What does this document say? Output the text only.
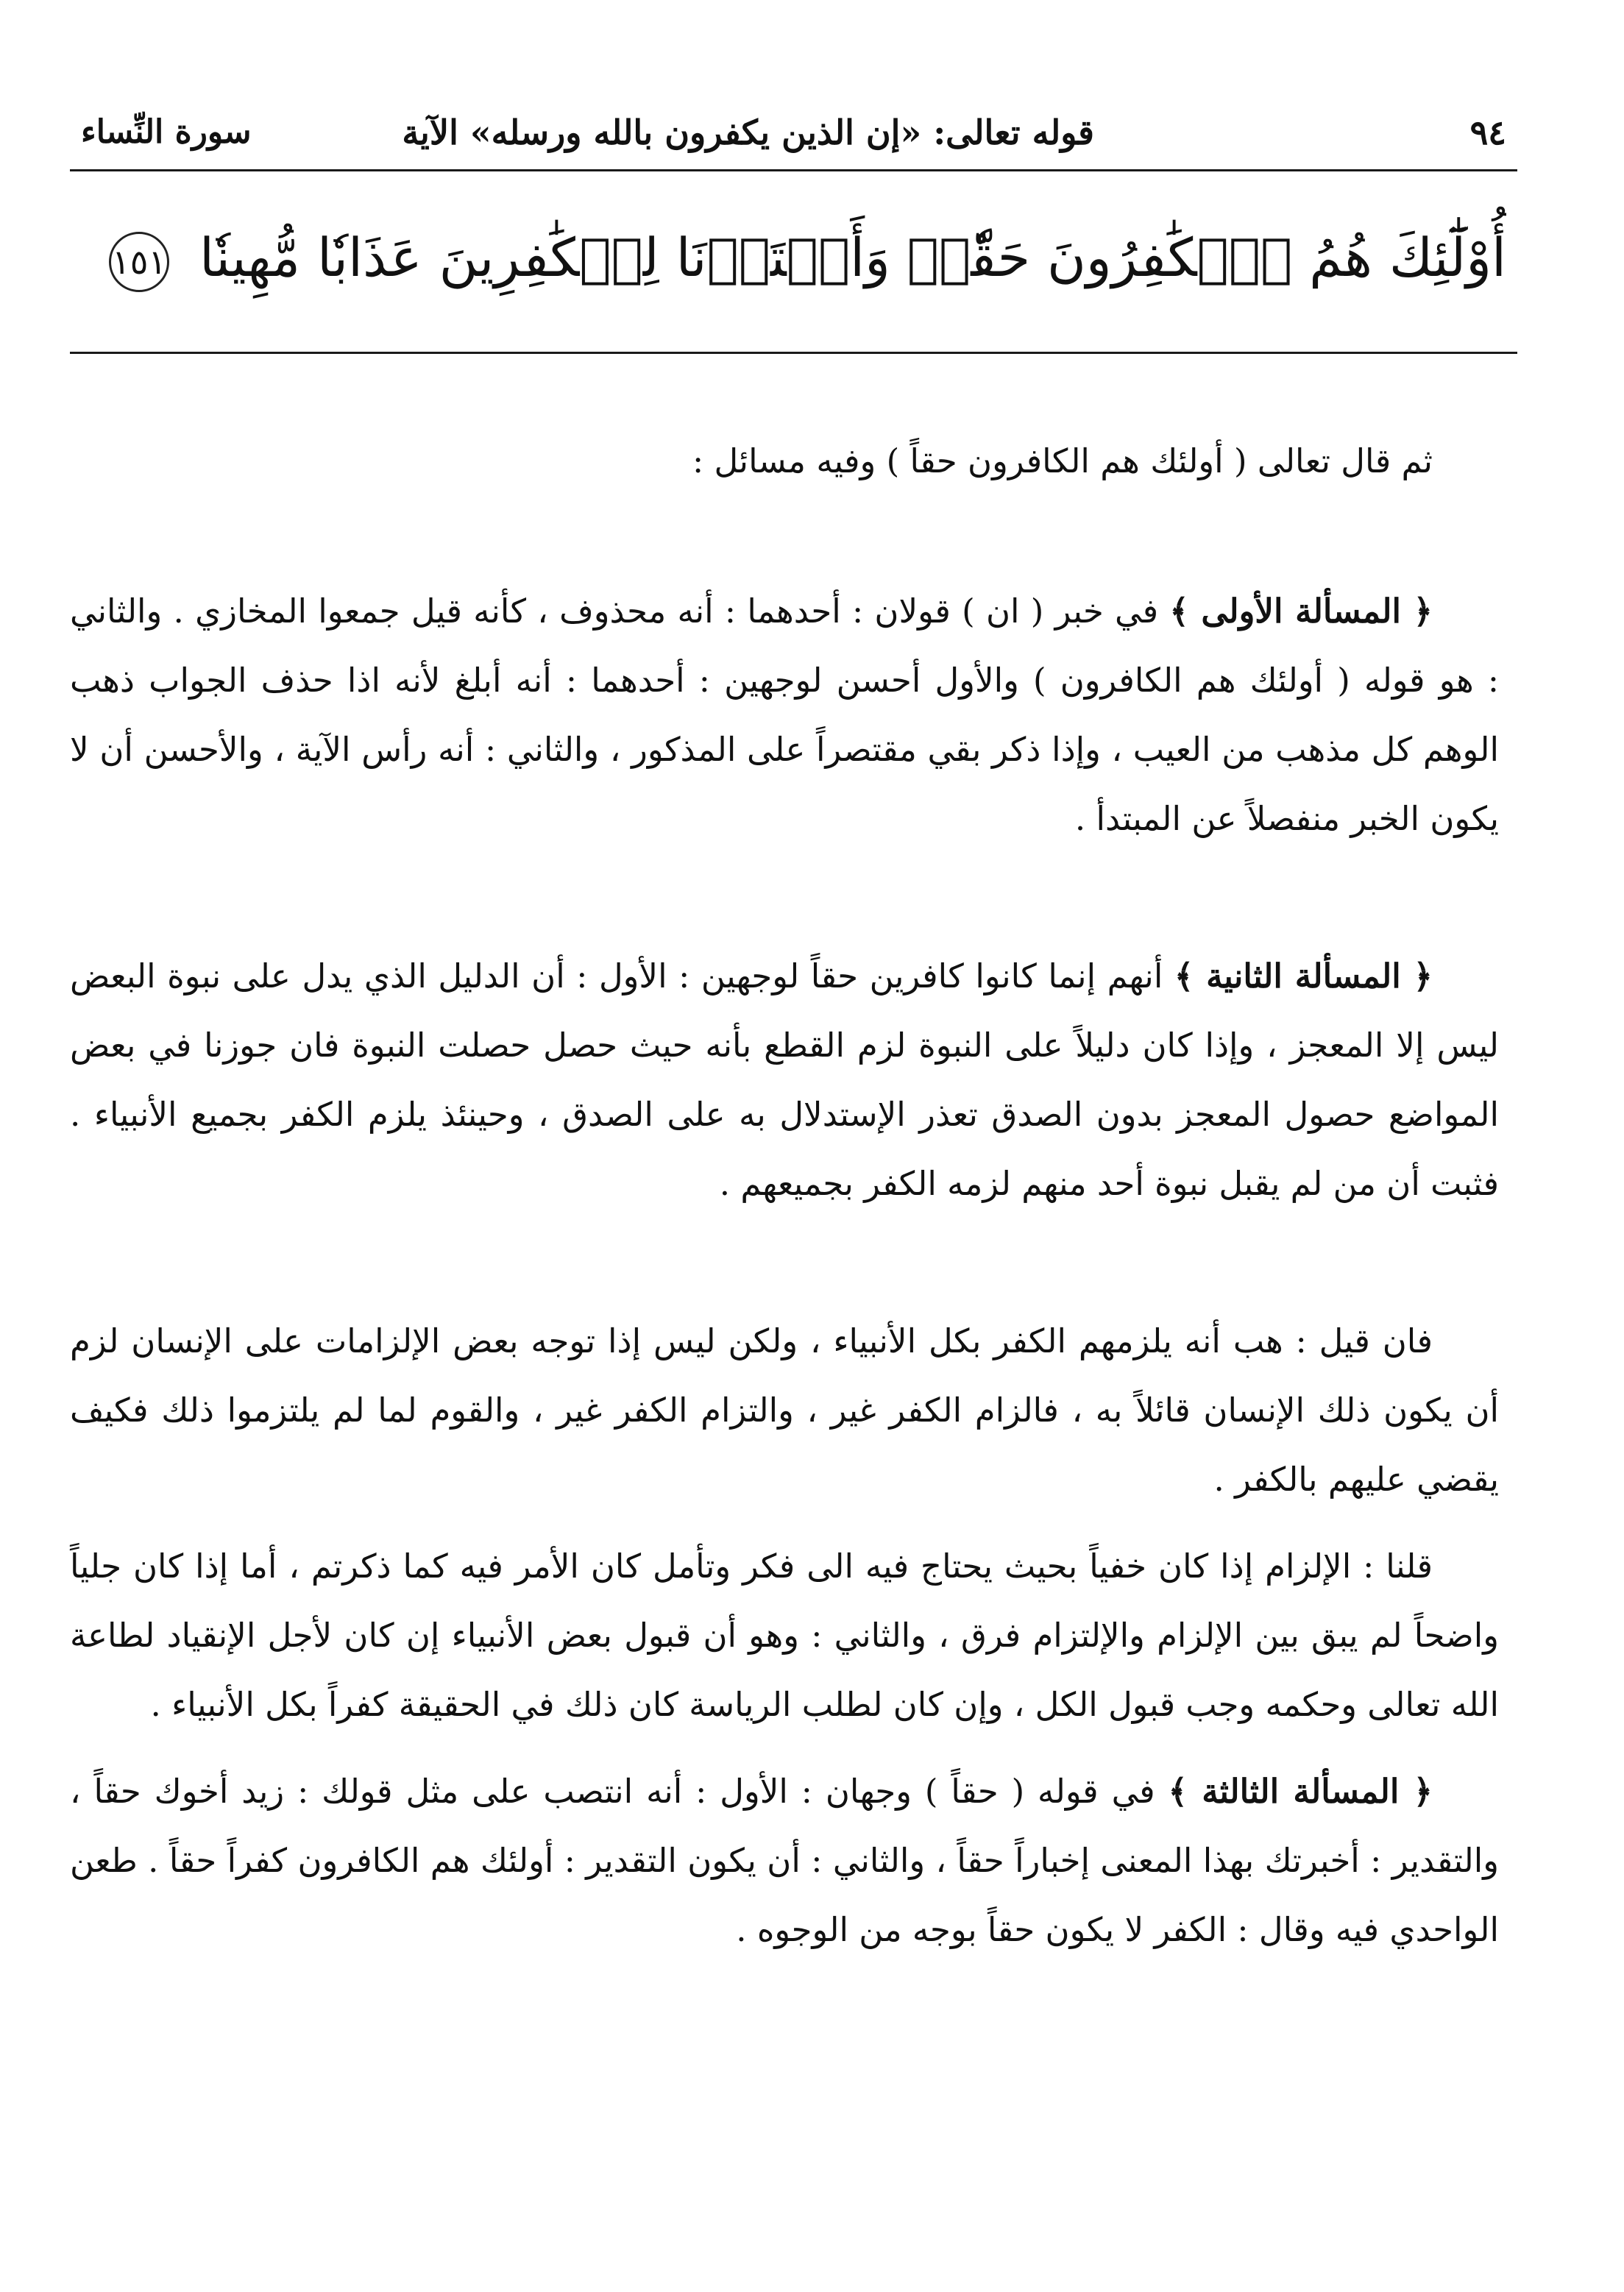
٩٤
قوله تعالى: «إن الذين يكفرون بالله ورسله» الآية
سورة النِّساء
أُوْلَٰٓئِكَ هُمُ ٱلۡكَٰفِرُونَ حَقّٗاۚ وَأَعۡتَدۡنَا لِلۡكَٰفِرِينَ عَذَابٗا مُّهِينٗا ١٥١

ثم قال تعالى ( أولئك هم الكافرون حقاً ) وفيه مسائل :

﴿ المسألة الأولى ﴾ في خبر ( ان ) قولان : أحدهما : أنه محذوف ، كأنه قيل جمعوا المخازي . والثاني : هو قوله ( أولئك هم الكافرون ) والأول أحسن لوجهين : أحدهما : أنه أبلغ لأنه اذا حذف الجواب ذهب الوهم كل مذهب من العيب ، وإذا ذكر بقي مقتصراً على المذكور ، والثاني : أنه رأس الآية ، والأحسن أن لا يكون الخبر منفصلاً عن المبتدأ .

﴿ المسألة الثانية ﴾ أنهم إنما كانوا كافرين حقاً لوجهين : الأول : أن الدليل الذي يدل على نبوة البعض ليس إلا المعجز ، وإذا كان دليلاً على النبوة لزم القطع بأنه حيث حصل حصلت النبوة فان جوزنا في بعض المواضع حصول المعجز بدون الصدق تعذر الإستدلال به على الصدق ، وحينئذ يلزم الكفر بجميع الأنبياء . فثبت أن من لم يقبل نبوة أحد منهم لزمه الكفر بجميعهم .

فان قيل : هب أنه يلزمهم الكفر بكل الأنبياء ، ولكن ليس إذا توجه بعض الإلزامات على الإنسان لزم أن يكون ذلك الإنسان قائلاً به ، فالزام الكفر غير ، والتزام الكفر غير ، والقوم لما لم يلتزموا ذلك فكيف يقضي عليهم بالكفر .

قلنا : الإلزام إذا كان خفياً بحيث يحتاج فيه الى فكر وتأمل كان الأمر فيه كما ذكرتم ، أما إذا كان جلياً واضحاً لم يبق بين الإلزام والإلتزام فرق ، والثاني : وهو أن قبول بعض الأنبياء إن كان لأجل الإنقياد لطاعة الله تعالى وحكمه وجب قبول الكل ، وإن كان لطلب الرياسة كان ذلك في الحقيقة كفراً بكل الأنبياء .

﴿ المسألة الثالثة ﴾ في قوله ( حقاً ) وجهان : الأول : أنه انتصب على مثل قولك : زيد أخوك حقاً ، والتقدير : أخبرتك بهذا المعنى إخباراً حقاً ، والثاني : أن يكون التقدير : أولئك هم الكافرون كفراً حقاً . طعن الواحدي فيه وقال : الكفر لا يكون حقاً بوجه من الوجوه .
